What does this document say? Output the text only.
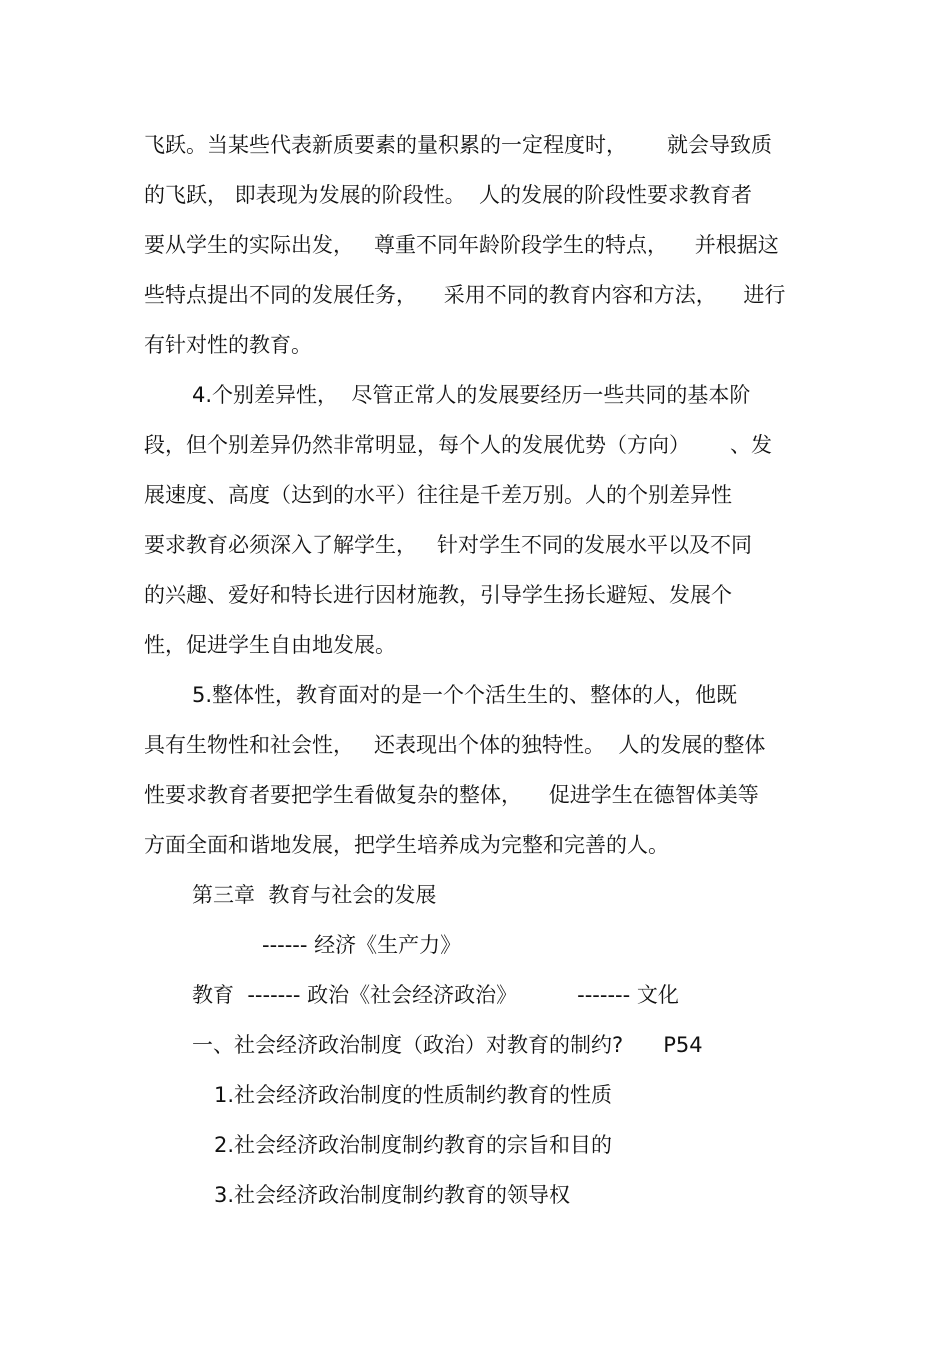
飞跃。当某些代表新质要素的量积累的一定程度时，      就会导致质
的飞跃， 即表现为发展的阶段性。  人的发展的阶段性要求教育者
要从学生的实际出发，   尊重不同年龄阶段学生的特点，    并根据这
些特点提出不同的发展任务，    采用不同的教育内容和方法，    进行
有针对性的教育。
4.个别差异性，  尽管正常人的发展要经历一些共同的基本阶
段，但个别差异仍然非常明显，每个人的发展优势（方向）      、发
展速度、高度（达到的水平）往往是千差万别。人的个别差异性
要求教育必须深入了解学生，   针对学生不同的发展水平以及不同
的兴趣、爱好和特长进行因材施教，引导学生扬长避短、发展个
性，促进学生自由地发展。
5.整体性，教育面对的是一个个活生生的、整体的人，他既
具有生物性和社会性，   还表现出个体的独特性。  人的发展的整体
性要求教育者要把学生看做复杂的整体，    促进学生在德智体美等
方面全面和谐地发展，把学生培养成为完整和完善的人。
第三章  教育与社会的发展
------ 经济《生产力》
教育  ------- 政治《社会经济政治》         ------- 文化
一、社会经济政治制度（政治）对教育的制约?      P54
1.社会经济政治制度的性质制约教育的性质
2.社会经济政治制度制约教育的宗旨和目的
3.社会经济政治制度制约教育的领导权
